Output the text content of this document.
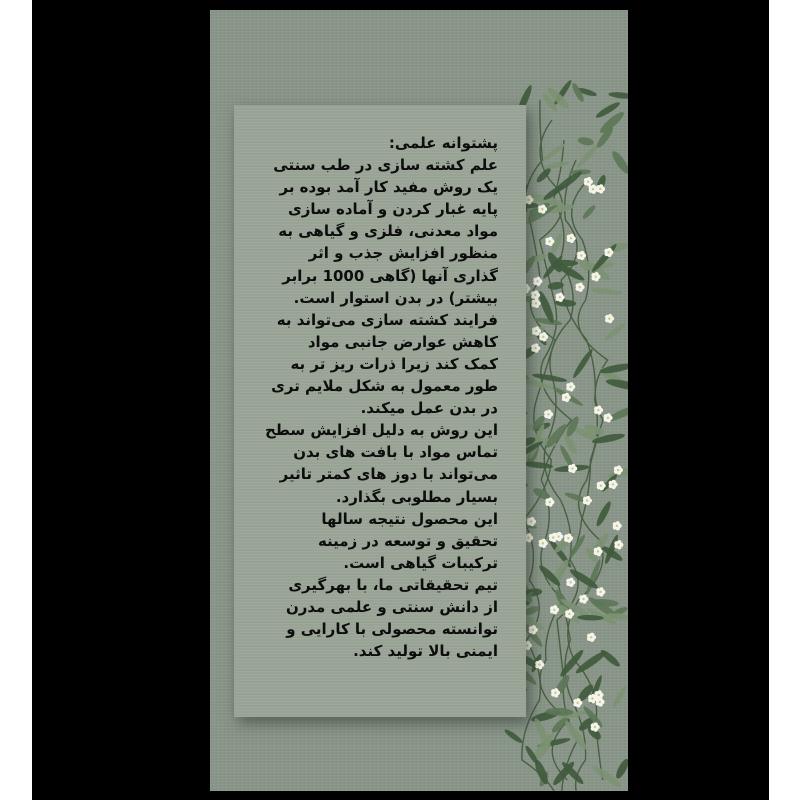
پشتوانه علمی:
علم کشته سازی در طب سنتی
یک روش مفید کار آمد بوده بر
پایه غبار کردن و آماده سازی
مواد معدنی، فلزی و گیاهی به
منظور افزایش جذب و اثر
گذاری آنها (گاهی 1000 برابر
بیشتر) در بدن استوار است.
فرایند کشته سازی می‌تواند به
کاهش عوارض جانبی مواد
کمک کند زیرا ذرات ریز تر به
طور معمول به شکل ملایم تری
در بدن عمل میکند.
این روش به دلیل افزایش سطح
تماس مواد با بافت های بدن
می‌تواند با دوز های کمتر تاثیر
بسیار مطلوبی بگذارد.
این محصول نتیجه سالها
تحقیق و توسعه در زمینه
ترکیبات گیاهی است.
تیم تحقیقاتی ما، با بهرگیری
از دانش سنتی و علمی مدرن
توانسته محصولی با کارایی و
ایمنی بالا تولید کند.
